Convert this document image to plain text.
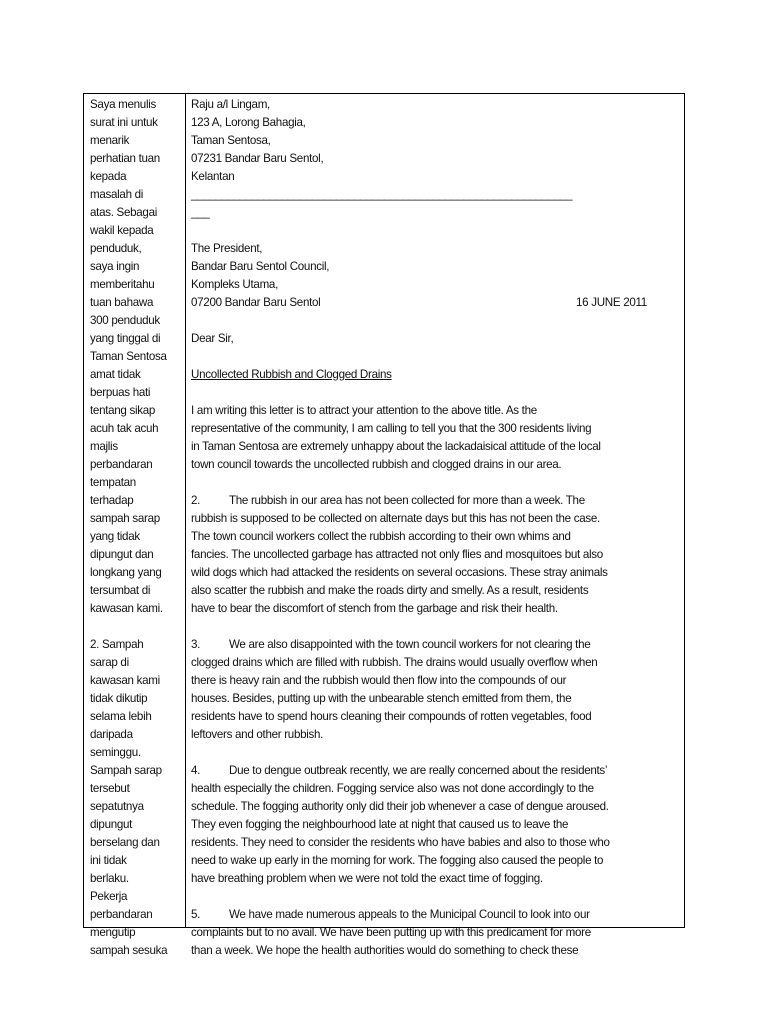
Saya menulis
surat ini untuk
menarik
perhatian tuan
kepada
masalah di
atas. Sebagai
wakil kepada
penduduk,
saya ingin
memberitahu
tuan bahawa
300 penduduk
yang tinggal di
Taman Sentosa
amat tidak
berpuas hati
tentang sikap
acuh tak acuh
majlis
perbandaran
tempatan
terhadap
sampah sarap
yang tidak
dipungut dan
longkang yang
tersumbat di
kawasan kami.
2. Sampah
sarap di
kawasan kami
tidak dikutip
selama lebih
daripada
seminggu.
Sampah sarap
tersebut
sepatutnya
dipungut
berselang dan
ini tidak
berlaku.
Pekerja
perbandaran
mengutip
sampah sesuka
Raju a/l Lingam,
123 A, Lorong Bahagia,
Taman Sentosa,
07231 Bandar Baru Sentol,
Kelantan
_______________________________________________________________
___
The President,
Bandar Baru Sentol Council,
Kompleks Utama,
07200 Bandar Baru Sentol	16 JUNE 2011
Dear Sir,
Uncollected Rubbish and Clogged Drains
I am writing this letter is to attract your attention to the above title. As the
representative of the community, I am calling to tell you that the 300 residents living
in Taman Sentosa are extremely unhappy about the lackadaisical attitude of the local
town council towards the uncollected rubbish and clogged drains in our area.
2. The rubbish in our area has not been collected for more than a week. The
rubbish is supposed to be collected on alternate days but this has not been the case.
The town council workers collect the rubbish according to their own whims and
fancies. The uncollected garbage has attracted not only flies and mosquitoes but also
wild dogs which had attacked the residents on several occasions. These stray animals
also scatter the rubbish and make the roads dirty and smelly. As a result, residents
have to bear the discomfort of stench from the garbage and risk their health.
3. We are also disappointed with the town council workers for not clearing the
clogged drains which are filled with rubbish. The drains would usually overflow when
there is heavy rain and the rubbish would then flow into the compounds of our
houses. Besides, putting up with the unbearable stench emitted from them, the
residents have to spend hours cleaning their compounds of rotten vegetables, food
leftovers and other rubbish.
4. Due to dengue outbreak recently, we are really concerned about the residents’
health especially the children. Fogging service also was not done accordingly to the
schedule. The fogging authority only did their job whenever a case of dengue aroused.
They even fogging the neighbourhood late at night that caused us to leave the
residents. They need to consider the residents who have babies and also to those who
need to wake up early in the morning for work. The fogging also caused the people to
have breathing problem when we were not told the exact time of fogging.
5. We have made numerous appeals to the Municipal Council to look into our
complaints but to no avail. We have been putting up with this predicament for more
than a week. We hope the health authorities would do something to check these
